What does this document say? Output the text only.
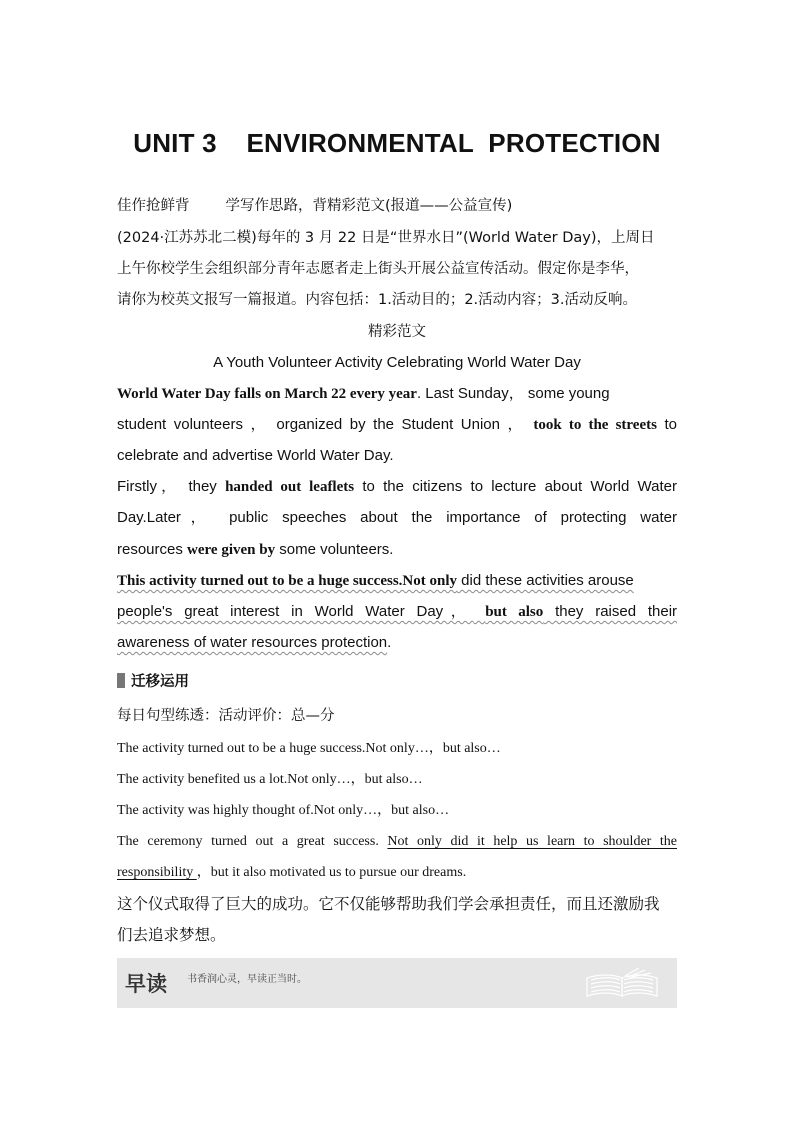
UNIT 3    ENVIRONMENTAL  PROTECTION
佳作抢鲜背 学写作思路，背精彩范文(报道——公益宣传)
(2024·江苏苏北二模)每年的 3 月 22 日是“世界水日”(World Water Day)，上周日
上午你校学生会组织部分青年志愿者走上街头开展公益宣传活动。假定你是李华，
请你为校英文报写一篇报道。内容包括：1.活动目的；2.活动内容；3.活动反响。
精彩范文
A Youth Volunteer Activity Celebrating World Water Day
World Water Day falls on March 22 every year. Last Sunday， some young
student volunteers ， organized by the Student Union ， took to the streets to
celebrate and advertise World Water Day.
Firstly， they handed out leaflets to the citizens to lecture about World Water
Day.Later， public speeches about the importance of protecting water
resources were given by some volunteers.
This activity turned out to be a huge success.Not only did these activities arouse
people's great interest in World Water Day， but also they raised their
awareness of water resources protection.
迁移运用
每日句型练透：活动评价：总—分
The activity turned out to be a huge success.Not only…，but also…
The activity benefited us a lot.Not only…，but also…
The activity was highly thought of.Not only…，but also…
The ceremony turned out a great success. Not only did it help us learn to shoulder the
responsibility ，but it also motivated us to pursue our dreams.
这个仪式取得了巨大的成功。它不仅能够帮助我们学会承担责任，而且还激励我
们去追求梦想。
早读 书香润心灵，早读正当时。
